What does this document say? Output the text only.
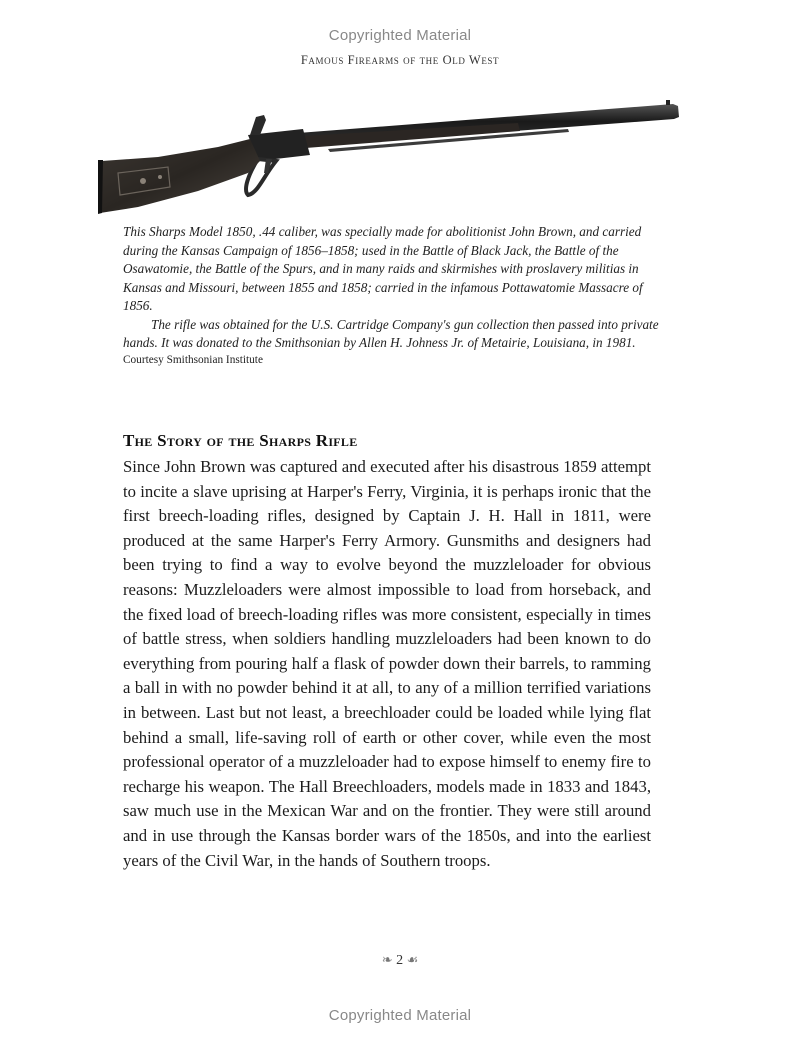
Copyrighted Material
Famous Firearms of the Old West

This Sharps Model 1850, .44 caliber, was specially made for abolitionist John Brown, and carried during the Kansas Campaign of 1856–1858; used in the Battle of Black Jack, the Battle of the Osawatomie, the Battle of the Spurs, and in many raids and skirmishes with proslavery militias in Kansas and Missouri, between 1855 and 1858; carried in the infamous Pottawatomie Massacre of 1856.

The rifle was obtained for the U.S. Cartridge Company's gun collection then passed into private hands. It was donated to the Smithsonian by Allen H. Johness Jr. of Metairie, Louisiana, in 1981.

Courtesy Smithsonian Institute
The Story of the Sharps Rifle

Since John Brown was captured and executed after his disastrous 1859 attempt to incite a slave uprising at Harper's Ferry, Virginia, it is perhaps ironic that the first breech-loading rifles, designed by Captain J. H. Hall in 1811, were produced at the same Harper's Ferry Armory. Gunsmiths and designers had been trying to find a way to evolve beyond the muzzleloader for obvious reasons: Muzzleloaders were almost impossible to load from horseback, and the fixed load of breech-loading rifles was more consistent, especially in times of battle stress, when soldiers handling muzzleloaders had been known to do everything from pouring half a flask of powder down their barrels, to ramming a ball in with no powder behind it at all, to any of a million terrified variations in between. Last but not least, a breechloader could be loaded while lying flat behind a small, life-saving roll of earth or other cover, while even the most professional operator of a muzzleloader had to expose himself to enemy fire to recharge his weapon. The Hall Breechloaders, models made in 1833 and 1843, saw much use in the Mexican War and on the frontier. They were still around and in use through the Kansas border wars of the 1850s, and into the earliest years of the Civil War, in the hands of Southern troops.

❧ 2 ☙
Copyrighted Material
